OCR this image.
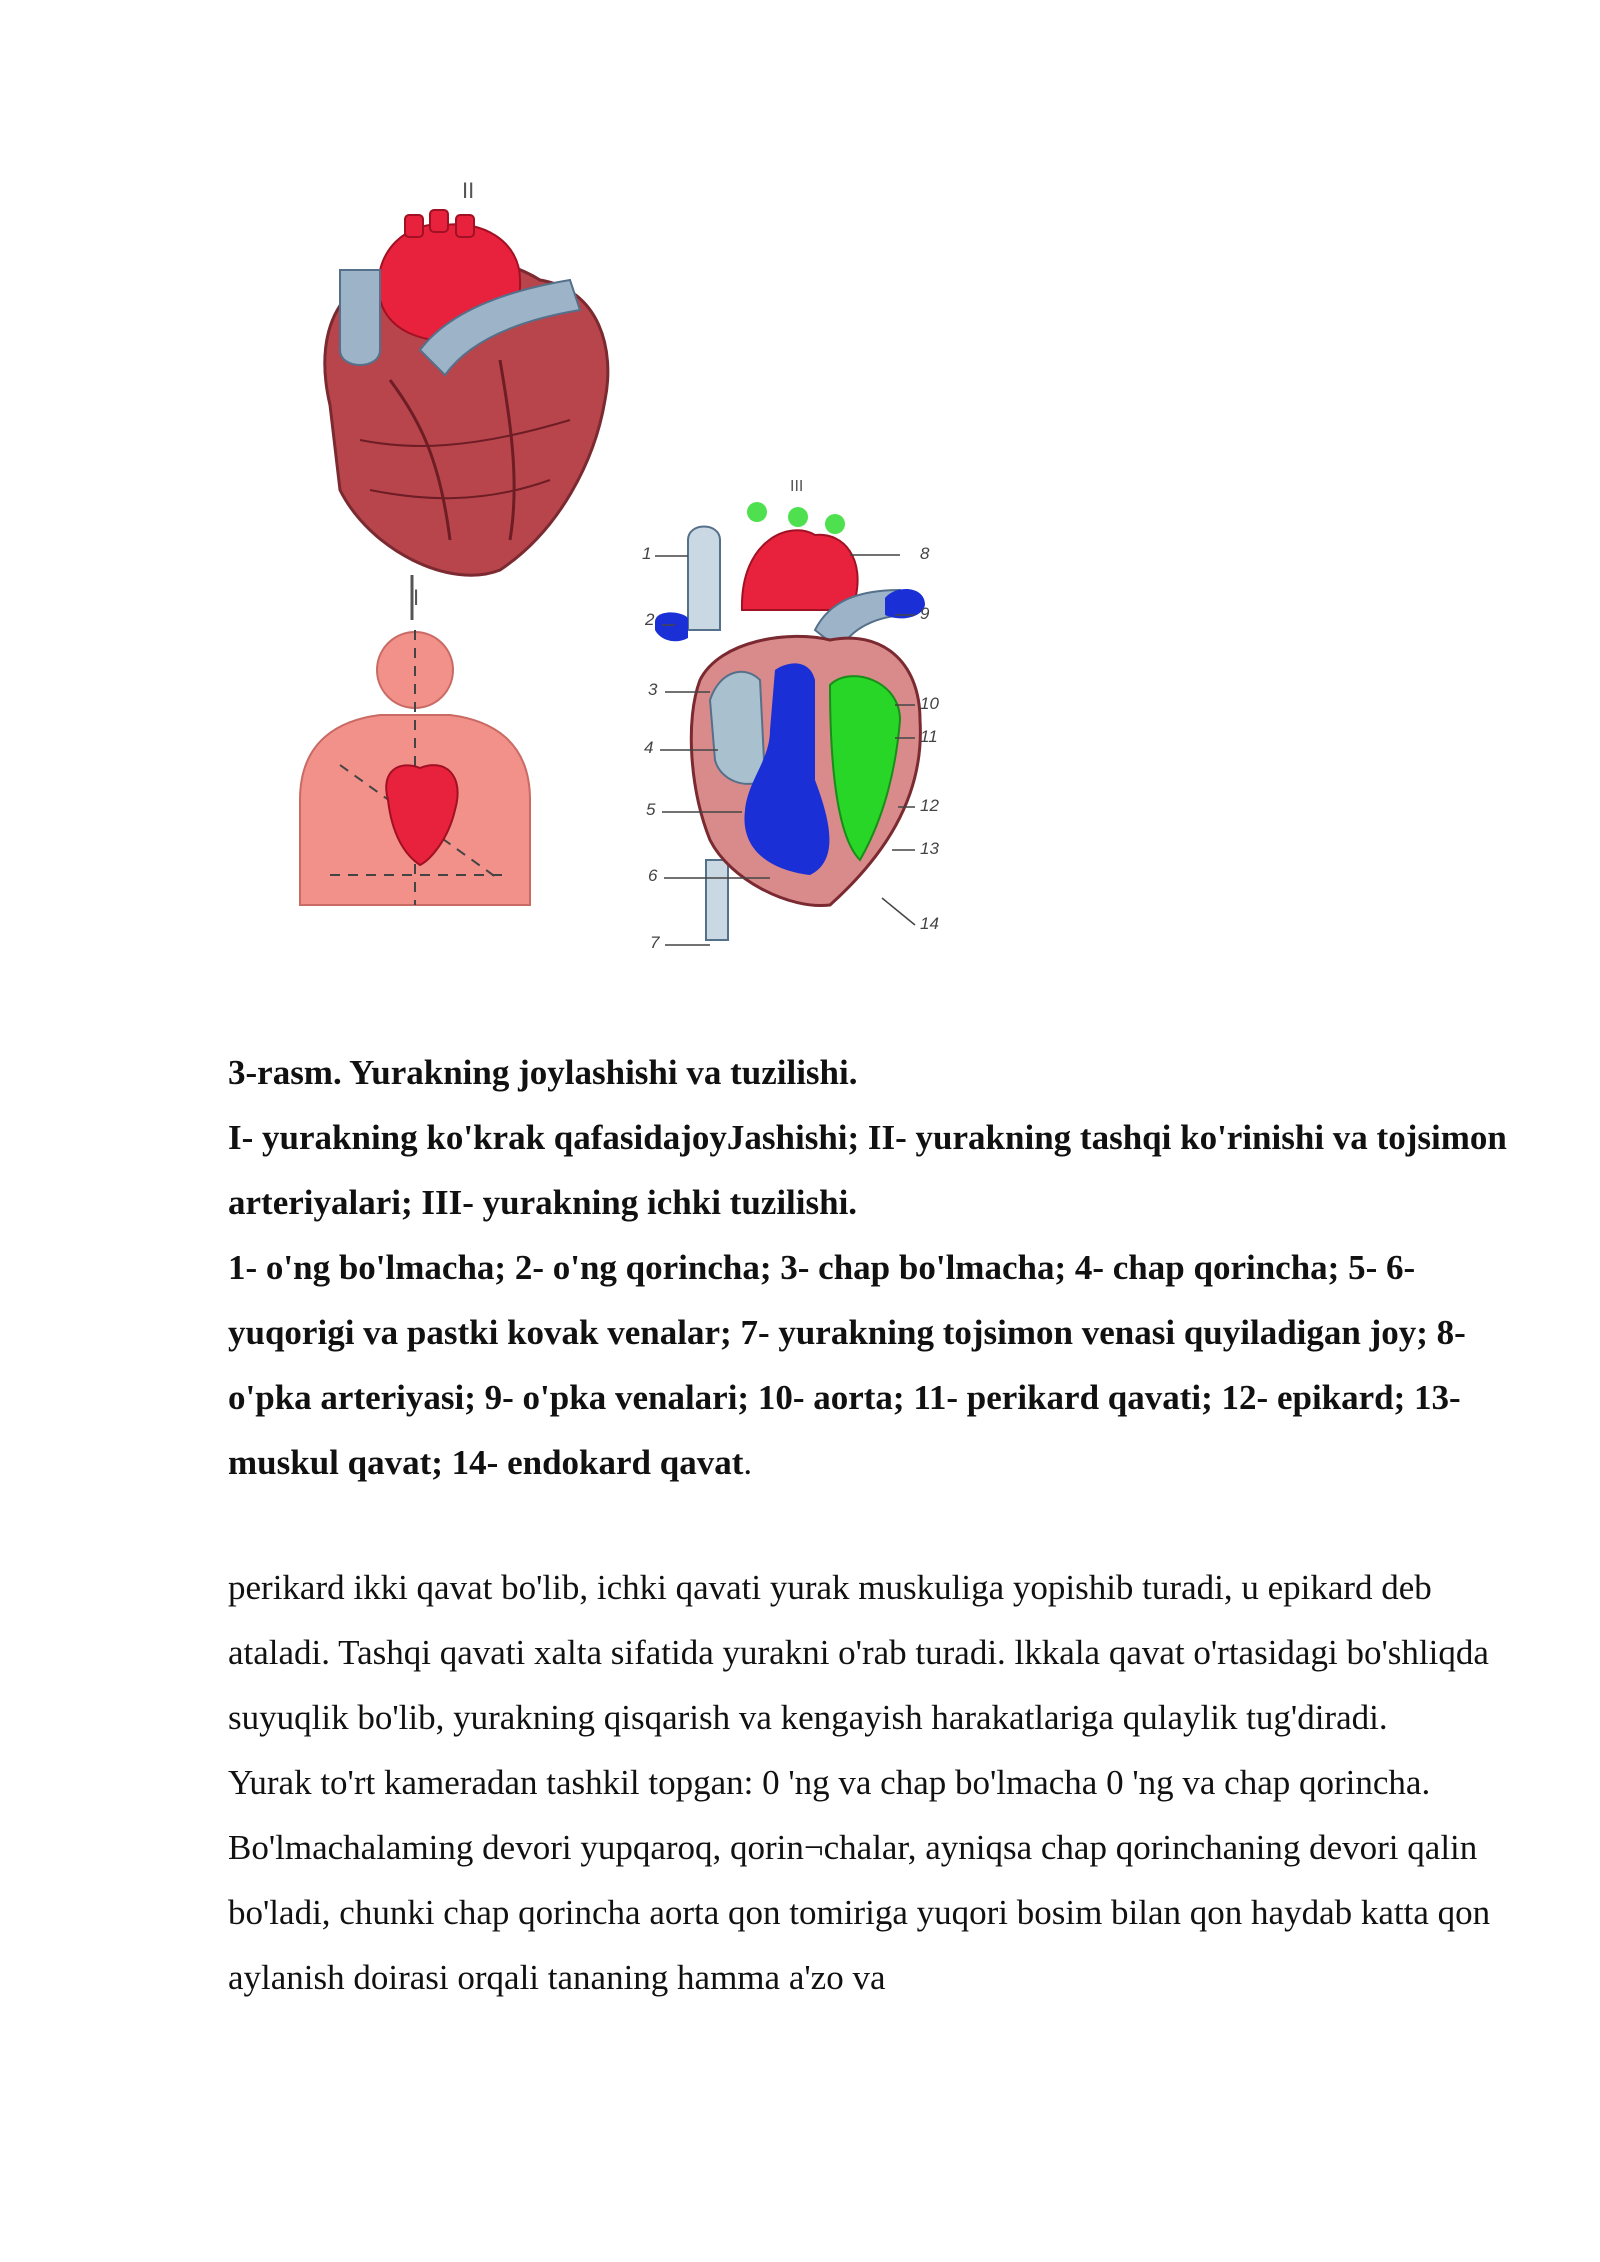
II
I
III
1
2
3
4
5
6
7
8
9
10
11
12
13
14

3-rasm. Yurakning joylashishi va tuzilishi.

I- yurakning ko'krak qafasidajoyJashishi; II- yurakning tashqi ko'rinishi va tojsimon arteriyalari; III- yurakning ichki tuzilishi.

1- o'ng bo'lmacha; 2- o'ng qorincha; 3- chap bo'lmacha; 4- chap qorincha; 5- 6- yuqorigi va pastki kovak venalar; 7- yurakning tojsimon venasi quyiladigan joy; 8- o'pka arteriyasi; 9- o'pka venalari; 10- aorta; 11- perikard qavati; 12- epikard; 13- muskul qavat; 14- endokard qavat.

perikard ikki qavat bo'lib, ichki qavati yurak muskuliga yopishib turadi, u epikard deb ataladi. Tashqi qavati xalta sifatida yurakni o'rab turadi. lkkala qavat o'rtasidagi bo'shliqda suyuqlik bo'lib, yurakning qisqarish va kengayish harakatlariga qulaylik tug'diradi.

Yurak to'rt kameradan tashkil topgan: 0 'ng va chap bo'lmacha 0 'ng va chap qorincha. Bo'lmachalaming devori yupqaroq, qorin¬chalar, ayniqsa chap qorinchaning devori qalin bo'ladi, chunki chap qorincha aorta qon tomiriga yuqori bosim bilan qon haydab katta qon aylanish doirasi orqali tananing hamma a'zo va
